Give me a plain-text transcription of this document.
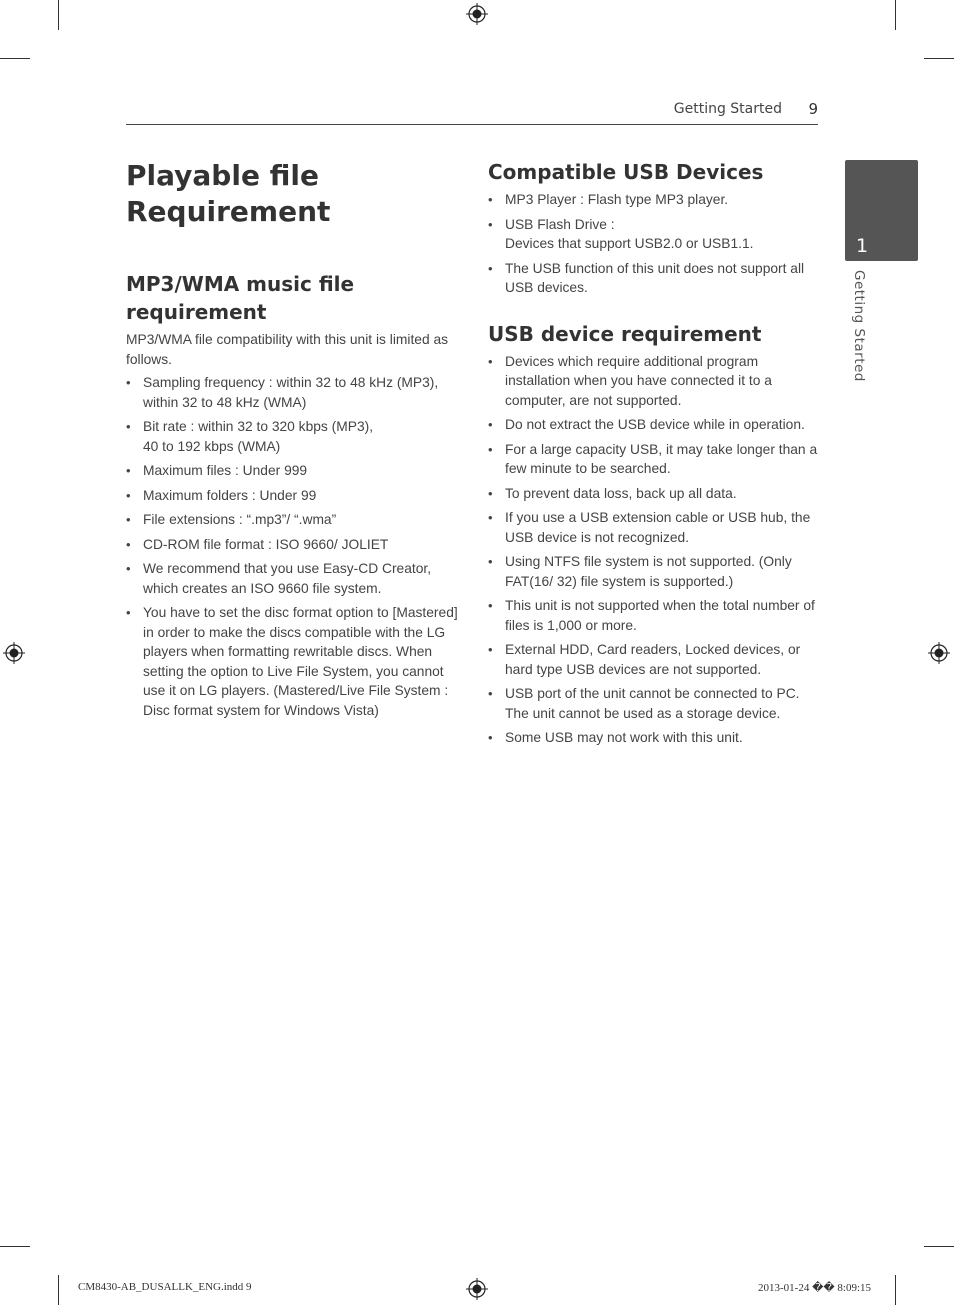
Getting Started 9
1
Getting Started
Playable file
Requirement
MP3/WMA music file requirement

MP3/WMA file compatibility with this unit is limited as follows.

• Sampling frequency : within 32 to 48 kHz (MP3),
within 32 to 48 kHz (WMA)
• Bit rate : within 32 to 320 kbps (MP3),
40 to 192 kbps (WMA)
• Maximum files : Under 999
• Maximum folders : Under 99
• File extensions : “.mp3”/ “.wma”
• CD-ROM file format : ISO 9660/ JOLIET
• We recommend that you use Easy-CD Creator, which creates an ISO 9660 file system.
• You have to set the disc format option to [Mastered] in order to make the discs compatible with the LG players when formatting rewritable discs. When setting the option to Live File System, you cannot use it on LG players. (Mastered/Live File System : Disc format system for Windows Vista)
Compatible USB Devices
• MP3 Player : Flash type MP3 player.
• USB Flash Drive :
Devices that support USB2.0 or USB1.1.
• The USB function of this unit does not support all USB devices.
USB device requirement
• Devices which require additional program installation when you have connected it to a computer, are not supported.
• Do not extract the USB device while in operation.
• For a large capacity USB, it may take longer than a few minute to be searched.
• To prevent data loss, back up all data.
• If you use a USB extension cable or USB hub, the USB device is not recognized.
• Using NTFS file system is not supported. (Only FAT(16/ 32) file system is supported.)
• This unit is not supported when the total number of files is 1,000 or more.
• External HDD, Card readers, Locked devices, or hard type USB devices are not supported.
• USB port of the unit cannot be connected to PC. The unit cannot be used as a storage device.
• Some USB may not work with this unit.
CM8430-AB_DUSALLK_ENG.indd 9	2013-01-24 �� 8:09:15
